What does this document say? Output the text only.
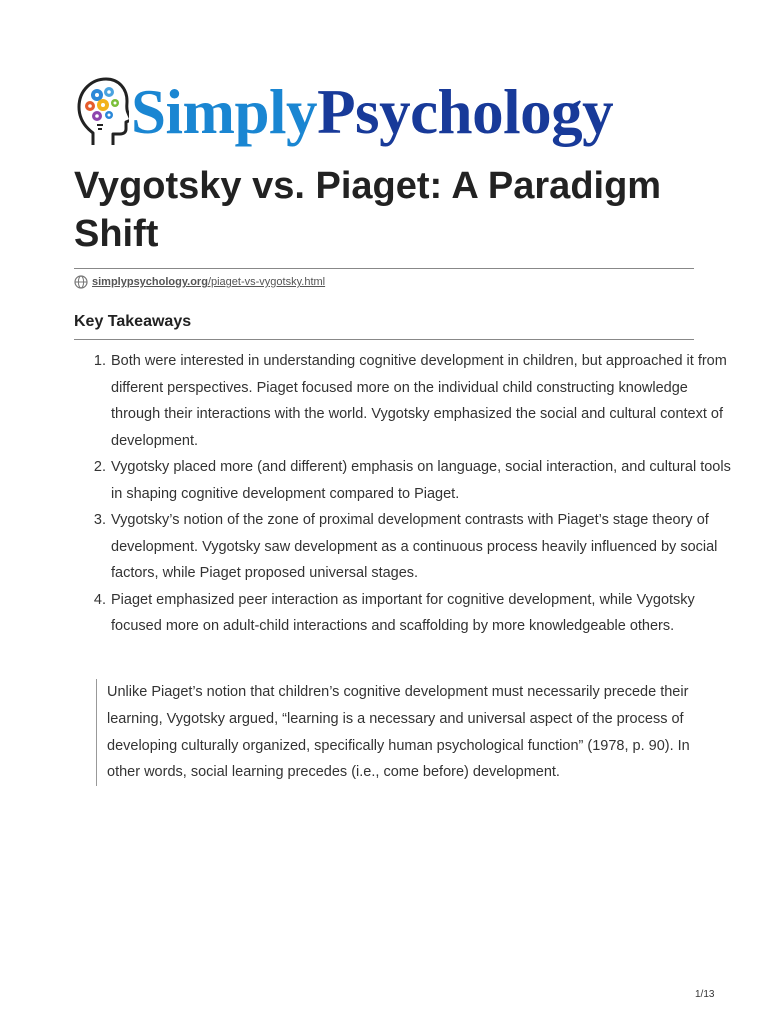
SimplyPsychology
Vygotsky vs. Piaget: A Paradigm Shift
simplypsychology.org/piaget-vs-vygotsky.html
Key Takeaways
1. Both were interested in understanding cognitive development in children, but approached it from different perspectives. Piaget focused more on the individual child constructing knowledge through their interactions with the world. Vygotsky emphasized the social and cultural context of development.
2. Vygotsky placed more (and different) emphasis on language, social interaction, and cultural tools in shaping cognitive development compared to Piaget.
3. Vygotsky’s notion of the zone of proximal development contrasts with Piaget’s stage theory of development. Vygotsky saw development as a continuous process heavily influenced by social factors, while Piaget proposed universal stages.
4. Piaget emphasized peer interaction as important for cognitive development, while Vygotsky focused more on adult-child interactions and scaffolding by more knowledgeable others.
Unlike Piaget’s notion that children’s cognitive development must necessarily precede their learning, Vygotsky argued, “learning is a necessary and universal aspect of the process of developing culturally organized, specifically human psychological function” (1978, p. 90). In other words, social learning precedes (i.e., come before) development.
1/13
